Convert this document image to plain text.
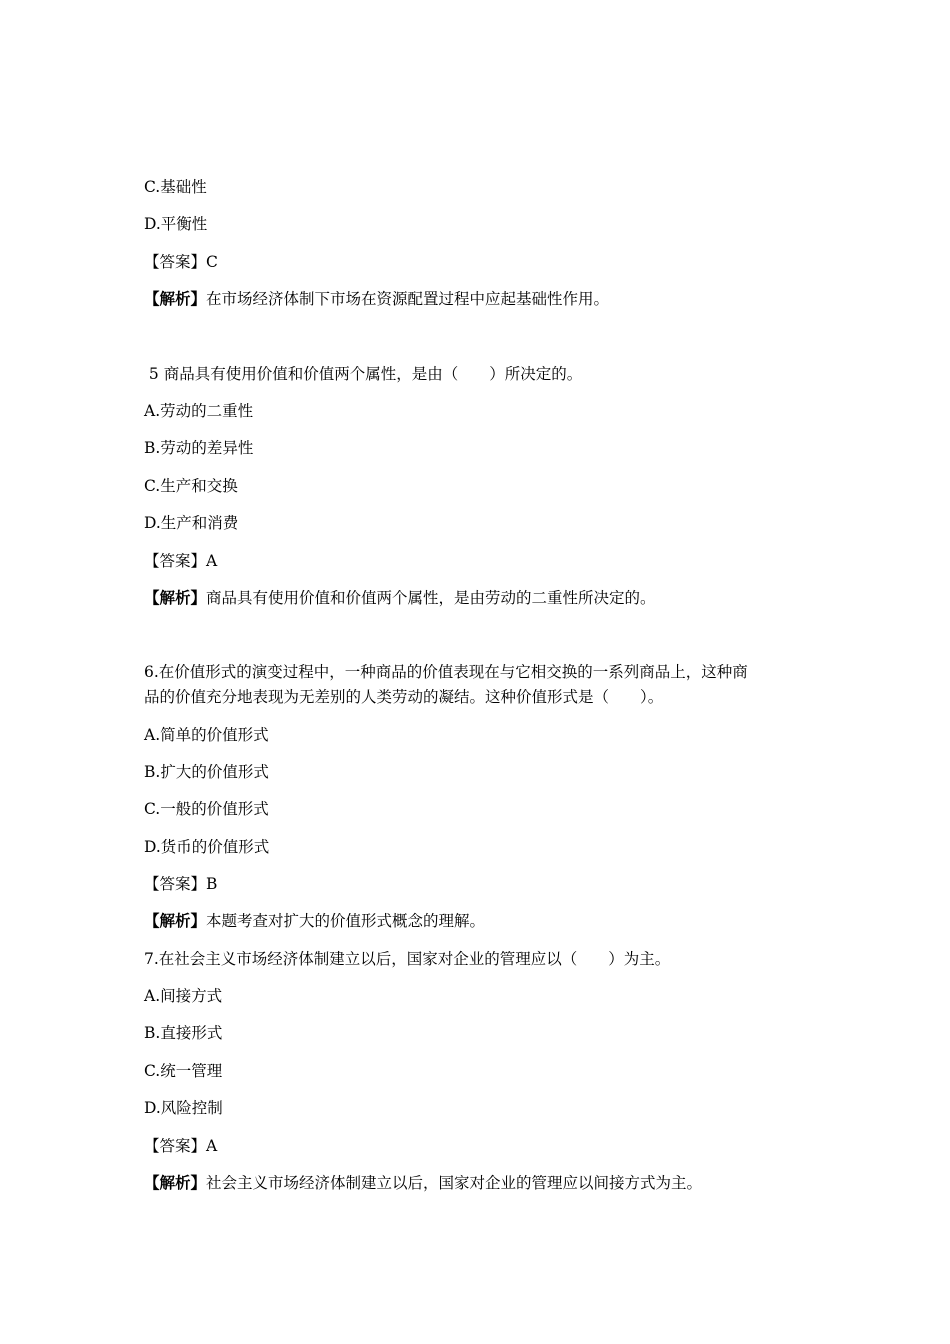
C.基础性
D.平衡性
【答案】C
【解析】在市场经济体制下市场在资源配置过程中应起基础性作用。
5 商品具有使用价值和价值两个属性，是由（　　）所决定的。
A.劳动的二重性
B.劳动的差异性
C.生产和交换
D.生产和消费
【答案】A
【解析】商品具有使用价值和价值两个属性，是由劳动的二重性所决定的。
6.在价值形式的演变过程中，一种商品的价值表现在与它相交换的一系列商品上，这种商
品的价值充分地表现为无差别的人类劳动的凝结。这种价值形式是（　　）。
A.简单的价值形式
B.扩大的价值形式
C.一般的价值形式
D.货币的价值形式
【答案】B
【解析】本题考查对扩大的价值形式概念的理解。
7.在社会主义市场经济体制建立以后，国家对企业的管理应以（　　）为主。
A.间接方式
B.直接形式
C.统一管理
D.风险控制
【答案】A
【解析】社会主义市场经济体制建立以后，国家对企业的管理应以间接方式为主。
